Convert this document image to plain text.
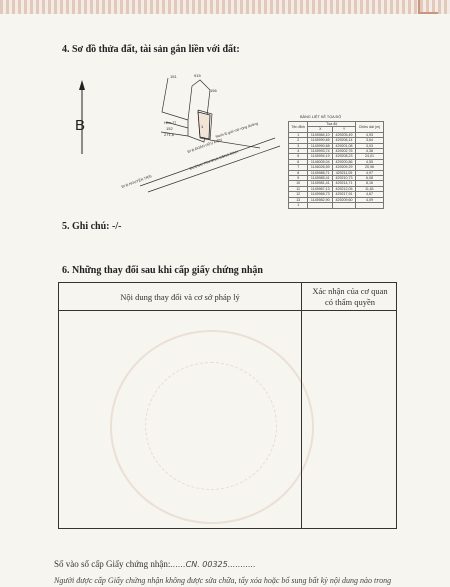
4. Sơ đồ thửa đất, tài sản gắn liền với đất:
B	1
151	915
156
152
271,6
Hẻm 27	Ranh lộ giới mở rộng đường
ĐƯỜNG TRƯƠNG CÔNG ĐỊNH
ĐI Đ.NGUYỄN TRÃI
ĐI Đ.ĐOÀN HỮU ĐIỆN
BẢNG LIỆT KÊ TỌA ĐỘ
Tên đỉnh	Tọa độ		Chiều dài (m)
	X	Y	
1	1145984,10	429205,49	4,93
2	1145990,65	429206,14	3,64
3	1145990,68	429201,08	3,03
4	1145993,74	429202,76	4,38
5	1145994,19	429208,23	24,01
6	1146005,04	429200,86	4,55
7	1146026,59	429209,29	20,96
8	1145988,71	429211,05	4,97
9	1145985,41	429210,73	6,08
10	1145981,41	429214,71	8,16
11	1145967,13	429212,05	11,61
12	1145968,73	429217,91	4,67
13	1145982,90	429209,60	4,09
1			
5. Ghi chú: -/-
6. Những thay đổi sau khi cấp giấy chứng nhận
Nội dung thay đổi và cơ sở pháp lý
Xác nhận của cơ quan
có thẩm quyền
Số vào sổ cấp Giấy chứng nhận:......CN. 00325...........
Người được cấp Giấy chứng nhận không được sửa chữa, tẩy xóa hoặc bổ sung bất kỳ nội dung nào trong
